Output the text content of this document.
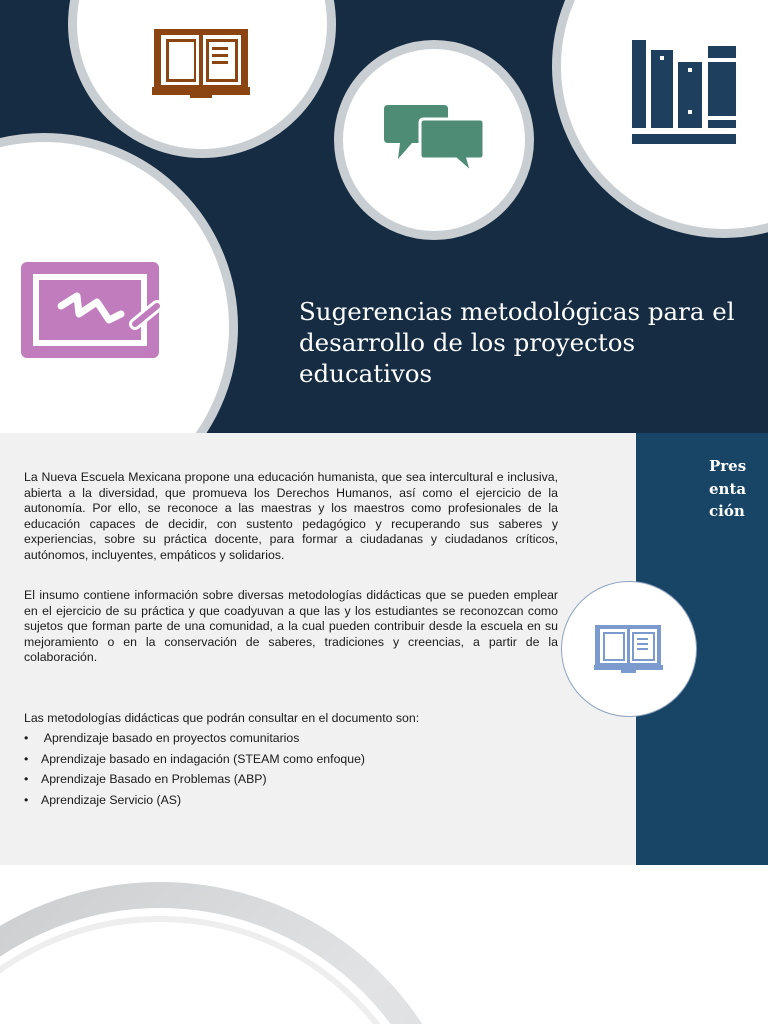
Sugerencias metodológicas para el desarrollo de los proyectos educativos

La Nueva Escuela Mexicana propone una educación humanista, que sea intercultural e inclusiva, abierta a la diversidad, que promueva los Derechos Humanos, así como el ejercicio de la autonomía. Por ello, se reconoce a las maestras y los maestros como profesionales de la educación capaces de decidir, con sustento pedagógico y recuperando sus saberes y experiencias, sobre su práctica docente, para formar a ciudadanas y ciudadanos críticos, autónomos, incluyentes, empáticos y solidarios.

El insumo contiene información sobre diversas metodologías didácticas que se pueden emplear en el ejercicio de su práctica y que coadyuvan a que las y los estudiantes se reconozcan como sujetos que forman parte de una comunidad, a la cual pueden contribuir desde la escuela en su mejoramiento o en la conservación de saberes, tradiciones y creencias, a partir de la colaboración.

Las metodologías didácticas que podrán consultar en el documento son:

•	Aprendizaje basado en proyectos comunitarios
•	Aprendizaje basado en indagación (STEAM como enfoque)
•	Aprendizaje Basado en Problemas (ABP)
•	Aprendizaje Servicio (AS)
Presentación
